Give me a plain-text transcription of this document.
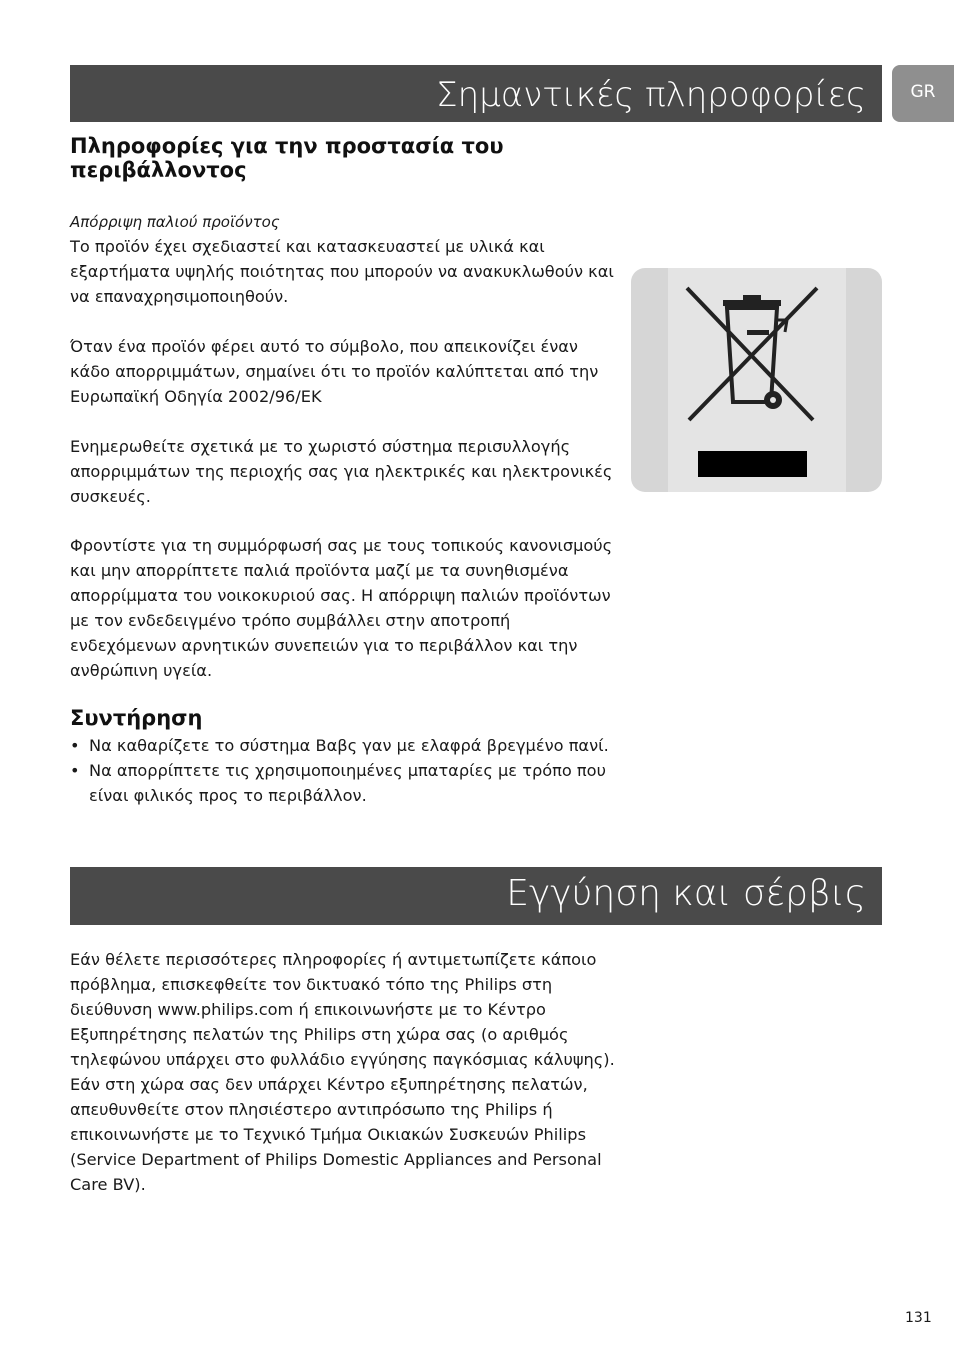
Σημαντικές πληροφορίες	GR
Πληροφορίες για την προστασία του περιβάλλοντος

Απόρριψη παλιού προϊόντος

Το προϊόν έχει σχεδιαστεί και κατασκευαστεί με υλικά και εξαρτήματα υψηλής ποιότητας που μπορούν να ανακυκλωθούν και να επαναχρησιμοποιηθούν.

Όταν ένα προϊόν φέρει αυτό το σύμβολο, που απεικονίζει έναν κάδο απορριμμάτων, σημαίνει ότι το προϊόν καλύπτεται από την Ευρωπαϊκή Οδηγία 2002/96/ΕΚ

Ενημερωθείτε σχετικά με το χωριστό σύστημα περισυλλογής απορριμμάτων της περιοχής σας για ηλεκτρικές και ηλεκτρονικές συσκευές.

Φροντίστε για τη συμμόρφωσή σας με τους τοπικούς κανονισμούς και μην απορρίπτετε παλιά προϊόντα μαζί με τα συνηθισμένα απορρίμματα του νοικοκυριού σας. Η απόρριψη παλιών προϊόντων με τον ενδεδειγμένο τρόπο συμβάλλει στην αποτροπή ενδεχόμενων αρνητικών συνεπειών για το περιβάλλον και την ανθρώπινη υγεία.

Συντήρηση
• Να καθαρίζετε το σύστημα Βαβς γαν με ελαφρά βρεγμένο πανί.
• Να απορρίπτετε τις χρησιμοποιημένες μπαταρίες με τρόπο που είναι φιλικός προς το περιβάλλον.
Εγγύηση και σέρβις

Εάν θέλετε περισσότερες πληροφορίες ή αντιμετωπίζετε κάποιο πρόβλημα, επισκεφθείτε τον δικτυακό τόπο της Philips στη διεύθυνση www.philips.com ή επικοινωνήστε με το Κέντρο Εξυπηρέτησης πελατών της Philips στη χώρα σας (ο αριθμός τηλεφώνου υπάρχει στο φυλλάδιο εγγύησης παγκόσμιας κάλυψης). Εάν στη χώρα σας δεν υπάρχει Κέντρο εξυπηρέτησης πελατών, απευθυνθείτε στον πλησιέστερο αντιπρόσωπο της Philips ή επικοινωνήστε με το Τεχνικό Τμήμα Οικιακών Συσκευών Philips (Service Department of Philips Domestic Appliances and Personal Care BV).

131
